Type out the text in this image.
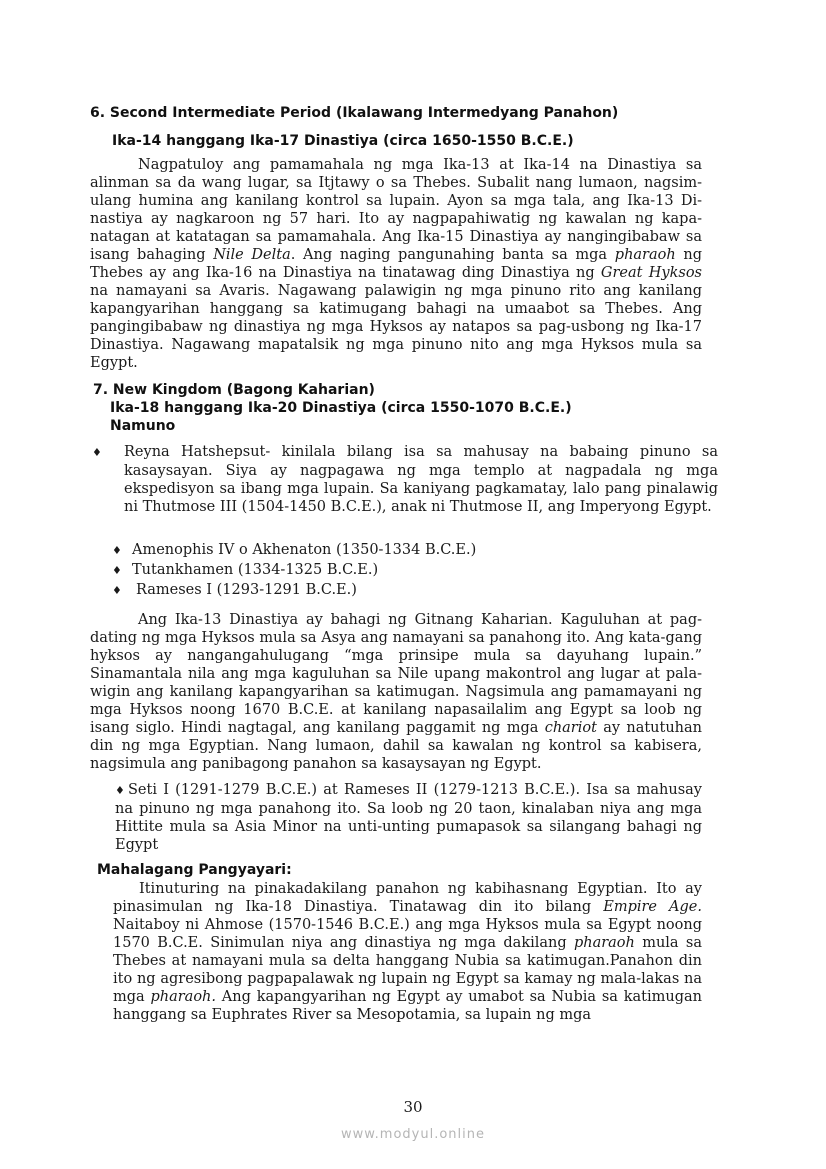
6. Second Intermediate Period (Ikalawang Intermedyang Panahon)
Ika-14 hanggang Ika-17 Dinastiya (circa 1650-1550 B.C.E.)

Nagpatuloy ang pamamahala ng mga Ika-13 at Ika-14 na Dinastiya sa alinman sa da wang lugar, sa Itjtawy o sa Thebes. Subalit nang lumaon, nagsim-ulang humina ang kanilang kontrol sa lupain. Ayon sa mga tala, ang Ika-13 Di-nastiya ay nagkaroon ng 57 hari. Ito ay nagpapahiwatig ng kawalan ng kapa-natagan at katatagan sa pamamahala. Ang Ika-15 Dinastiya ay nangingibabaw sa isang bahaging Nile Delta. Ang naging pangunahing banta sa mga pharaoh ng Thebes ay ang Ika-16 na Dinastiya na tinatawag ding Dinastiya ng Great Hyksos na namayani sa Avaris. Nagawang palawigin ng mga pinuno rito ang kanilang kapangyarihan hanggang sa katimugang bahagi na umaabot sa Thebes. Ang pangingibabaw ng dinastiya ng mga Hyksos ay natapos sa pag-usbong ng Ika-17 Dinastiya. Nagawang mapatalsik ng mga pinuno nito ang mga Hyksos mula sa Egypt.

7. New Kingdom (Bagong Kaharian)
Ika-18 hanggang Ika-20 Dinastiya (circa 1550-1070 B.C.E.)
Namuno

♦ Reyna Hatshepsut- kinilala bilang isa sa mahusay na babaing pinuno sa kasaysayan. Siya ay nagpagawa ng mga templo at nagpadala ng mga ekspedisyon sa ibang mga lupain. Sa kaniyang pagkamatay, lalo pang pinalawig ni Thutmose III (1504-1450 B.C.E.), anak ni Thutmose II, ang Imperyong Egypt.

♦ Amenophis IV o Akhenaton (1350-1334 B.C.E.)
♦ Tutankhamen (1334-1325 B.C.E.)
♦ Rameses I (1293-1291 B.C.E.)

Ang Ika-13 Dinastiya ay bahagi ng Gitnang Kaharian. Kaguluhan at pag-dating ng mga Hyksos mula sa Asya ang namayani sa panahong ito. Ang kata-gang hyksos ay nangangahulugang “mga prinsipe mula sa dayuhang lupain.” Sinamantala nila ang mga kaguluhan sa Nile upang makontrol ang lugar at pala-wigin ang kanilang kapangyarihan sa katimugan. Nagsimula ang pamamayani ng mga Hyksos noong 1670 B.C.E. at kanilang napasailalim ang Egypt sa loob ng isang siglo. Hindi nagtagal, ang kanilang paggamit ng mga chariot ay natutuhan din ng mga Egyptian. Nang lumaon, dahil sa kawalan ng kontrol sa kabisera, nagsimula ang panibagong panahon sa kasaysayan ng Egypt.

♦ Seti I (1291-1279 B.C.E.) at Rameses II (1279-1213 B.C.E.). Isa sa mahusay na pinuno ng mga panahong ito. Sa loob ng 20 taon, kinalaban niya ang mga Hittite mula sa Asia Minor na unti-unting pumapasok sa silangang bahagi ng Egypt

Mahalagang Pangyayari:

Itinuturing na pinakadakilang panahon ng kabihasnang Egyptian. Ito ay pinasimulan ng Ika-18 Dinastiya. Tinatawag din ito bilang Empire Age. Naitaboy ni Ahmose (1570-1546 B.C.E.) ang mga Hyksos mula sa Egypt noong 1570 B.C.E. Sinimulan niya ang dinastiya ng mga dakilang pharaoh mula sa Thebes at namayani mula sa delta hanggang Nubia sa katimugan.Panahon din ito ng agresibong pagpapalawak ng lupain ng Egypt sa kamay ng mala-lakas na mga pharaoh. Ang kapangyarihan ng Egypt ay umabot sa Nubia sa katimugan hanggang sa Euphrates River sa Mesopotamia, sa lupain ng mga

30
www.modyul.online
